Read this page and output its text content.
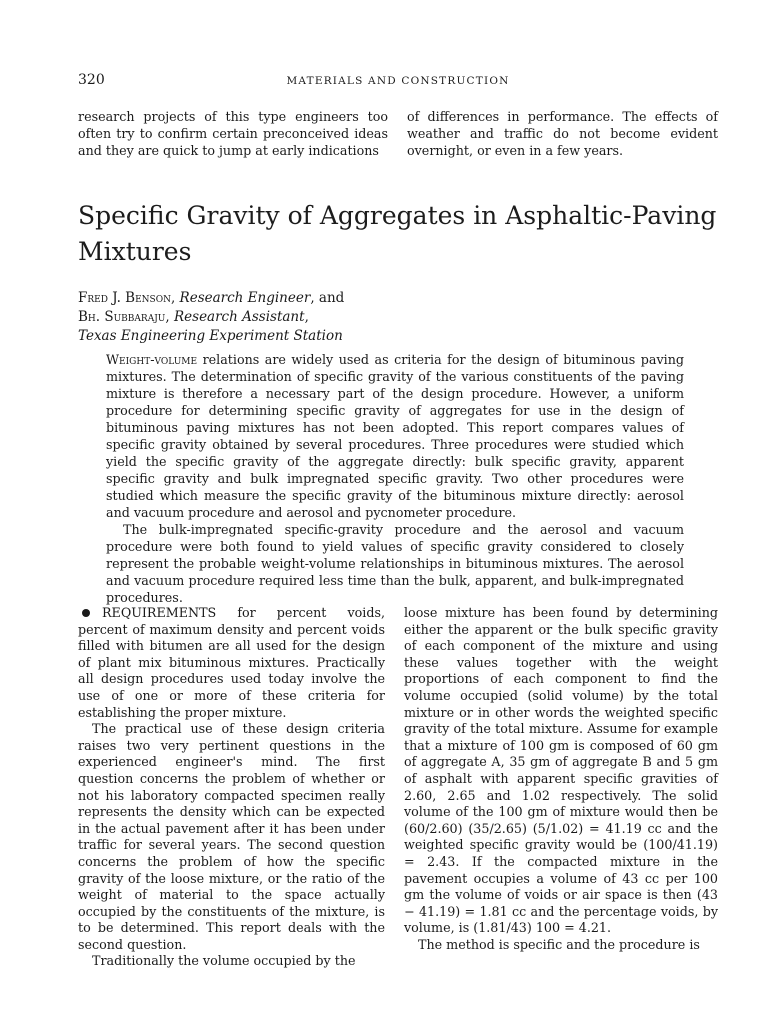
320	MATERIALS AND CONSTRUCTION
research projects of this type engineers too often try to confirm certain preconceived ideas and they are quick to jump at early indications
of differences in performance. The effects of weather and traffic do not become evident overnight, or even in a few years.
Specific Gravity of Aggregates in Asphaltic-Paving Mixtures
Fred J. Benson, Research Engineer, and
Bh. Subbaraju, Research Assistant,
Texas Engineering Experiment Station

Weight-volume relations are widely used as criteria for the design of bituminous paving mixtures. The determination of specific gravity of the various constituents of the paving mixture is therefore a necessary part of the design procedure. However, a uniform procedure for determining specific gravity of aggregates for use in the design of bituminous paving mixtures has not been adopted. This report compares values of specific gravity obtained by several procedures. Three procedures were studied which yield the specific gravity of the aggregate directly: bulk specific gravity, apparent specific gravity and bulk impregnated specific gravity. Two other procedures were studied which measure the specific gravity of the bituminous mixture directly: aerosol and vacuum procedure and aerosol and pycnometer procedure.

The bulk-impregnated specific-gravity procedure and the aerosol and vacuum procedure were both found to yield values of specific gravity considered to closely represent the probable weight-volume relationships in bituminous mixtures. The aerosol and vacuum procedure required less time than the bulk, apparent, and bulk-impregnated procedures.

REQUIREMENTS for percent voids, percent of maximum density and percent voids filled with bitumen are all used for the design of plant mix bituminous mixtures. Practically all design procedures used today involve the use of one or more of these criteria for establishing the proper mixture.

The practical use of these design criteria raises two very pertinent questions in the experienced engineer's mind. The first question concerns the problem of whether or not his laboratory compacted specimen really represents the density which can be expected in the actual pavement after it has been under traffic for several years. The second question concerns the problem of how the specific gravity of the loose mixture, or the ratio of the weight of material to the space actually occupied by the constituents of the mixture, is to be determined. This report deals with the second question.

Traditionally the volume occupied by the

loose mixture has been found by determining either the apparent or the bulk specific gravity of each component of the mixture and using these values together with the weight proportions of each component to find the volume occupied (solid volume) by the total mixture or in other words the weighted specific gravity of the total mixture. Assume for example that a mixture of 100 gm is composed of 60 gm of aggregate A, 35 gm of aggregate B and 5 gm of asphalt with apparent specific gravities of 2.60, 2.65 and 1.02 respectively. The solid volume of the 100 gm of mixture would then be (60/2.60) (35/2.65) (5/1.02) = 41.19 cc and the weighted specific gravity would be (100/41.19) = 2.43. If the compacted mixture in the pavement occupies a volume of 43 cc per 100 gm the volume of voids or air space is then (43 − 41.19) = 1.81 cc and the percentage voids, by volume, is (1.81/43) 100 = 4.21.

The method is specific and the procedure is
